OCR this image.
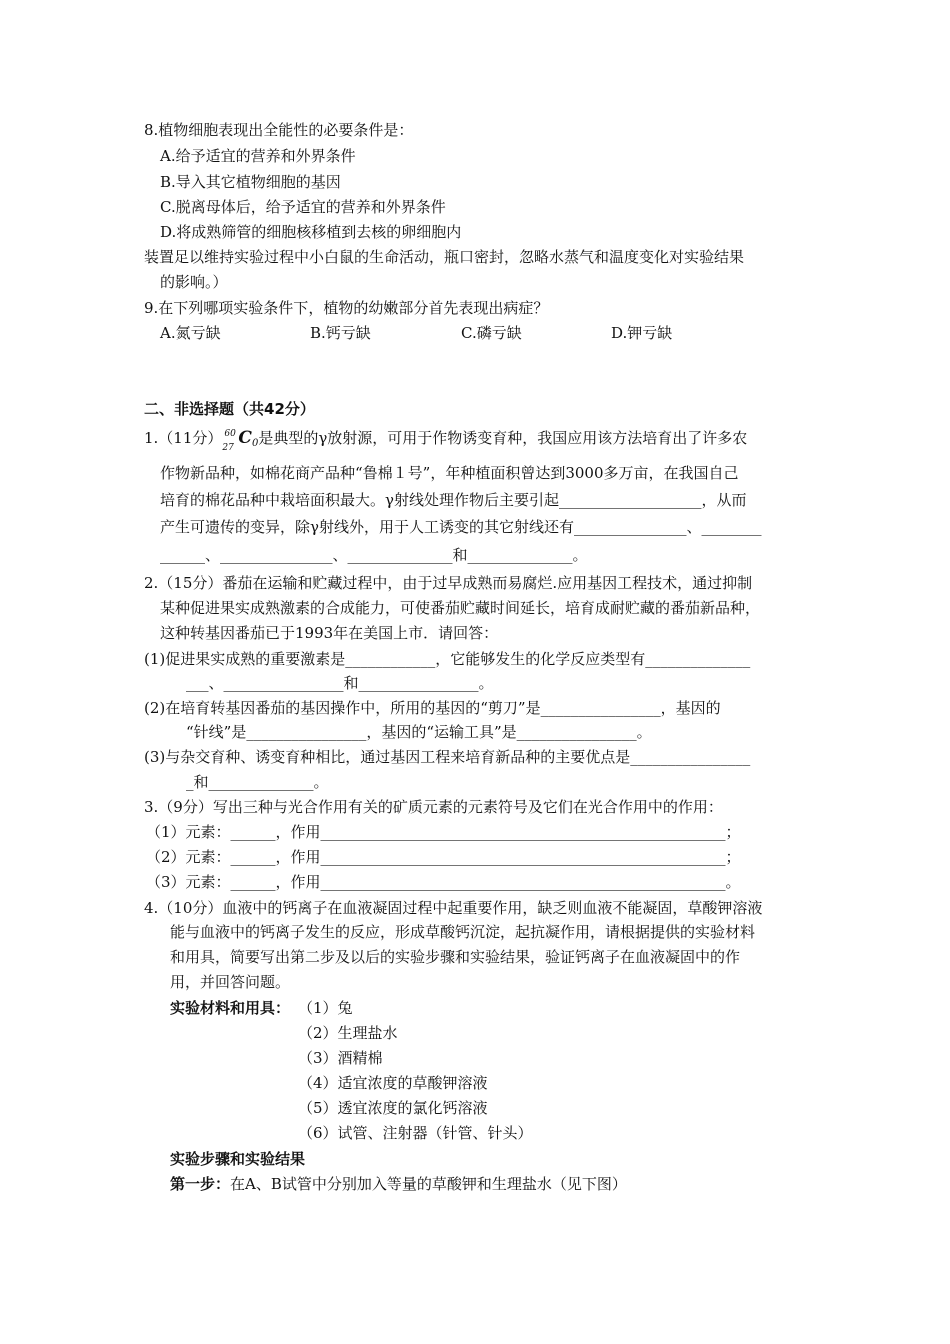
8.植物细胞表现出全能性的必要条件是：
A.给予适宜的营养和外界条件
B.导入其它植物细胞的基因
C.脱离母体后，给予适宜的营养和外界条件
D.将成熟筛管的细胞核移植到去核的卵细胞内
装置足以维持实验过程中小白鼠的生命活动，瓶口密封，忽略水蒸气和温度变化对实验结果
的影响。）
9.在下列哪项实验条件下，植物的幼嫩部分首先表现出病症？
A.氮亏缺	B.钙亏缺	C.磷亏缺	D.钾亏缺
二、非选择题（共42分）
1.（11分） 60
27 $C_0$是典型的γ放射源，可用于作物诱变育种，我国应用该方法培育出了许多农
作物新品种，如棉花商产品种“鲁棉１号”，年种植面积曾达到3000多万亩，在我国自己
培育的棉花品种中栽培面积最大。γ射线处理作物后主要引起___________________，从而
产生可遗传的变异，除γ射线外，用于人工诱变的其它射线还有_______________、________
______、_______________、______________和______________。
2.（15分）番茄在运输和贮藏过程中，由于过早成熟而易腐烂.应用基因工程技术，通过抑制
某种促进果实成熟激素的合成能力，可使番茄贮藏时间延长，培育成耐贮藏的番茄新品种，
这种转基因番茄已于1993年在美国上市．请回答：
(1)促进果实成熟的重要激素是____________，它能够发生的化学反应类型有______________
___、________________和________________。
(2)在培育转基因番茄的基因操作中，所用的基因的“剪刀”是________________，基因的
“针线”是________________，基因的“运输工具”是________________。
(3)与杂交育种、诱变育种相比，通过基因工程来培育新品种的主要优点是________________
_和______________。
3.（9分）写出三种与光合作用有关的矿质元素的元素符号及它们在光合作用中的作用：
（1）元素：______，作用______________________________________________________；
（2）元素：______，作用______________________________________________________；
（3）元素：______，作用______________________________________________________。
4.（10分）血液中的钙离子在血液凝固过程中起重要作用，缺乏则血液不能凝固，草酸钾溶液
能与血液中的钙离子发生的反应，形成草酸钙沉淀，起抗凝作用，请根据提供的实验材料
和用具，简要写出第二步及以后的实验步骤和实验结果，验证钙离子在血液凝固中的作
用，并回答问题。
实验材料和用具： （1）兔
（2）生理盐水
（3）酒精棉
（4）适宜浓度的草酸钾溶液
（5）透宜浓度的氯化钙溶液
（6）试管、注射器（针管、针头）
实验步骤和实验结果
第一步：在A、B试管中分别加入等量的草酸钾和生理盐水（见下图）
